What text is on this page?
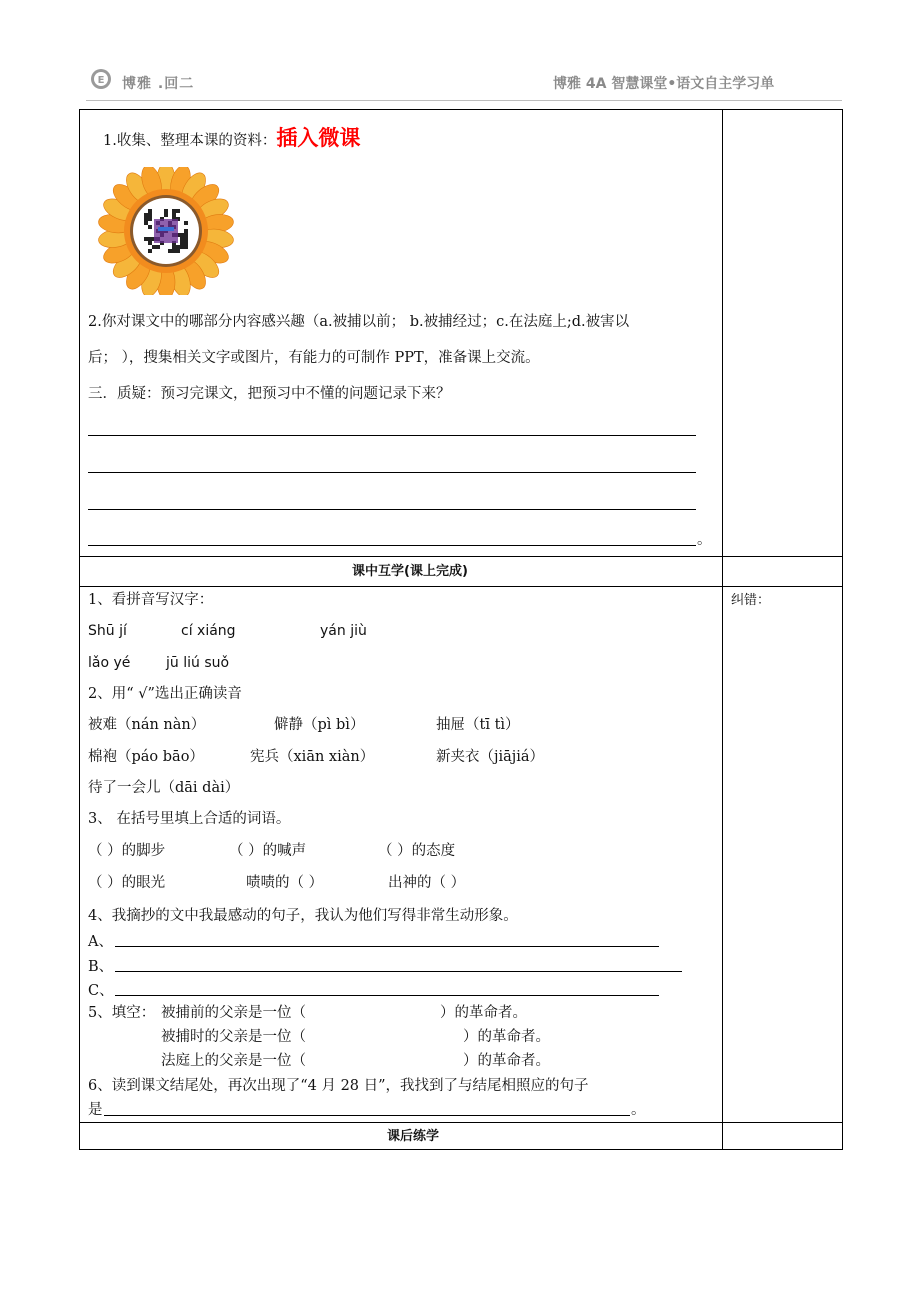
E 博雅 .回二	博雅 4A 智慧课堂•语文自主学习单
1.收集、整理本课的资料：插入微课
2.你对课文中的哪部分内容感兴趣（a.被捕以前； b.被捕经过；c.在法庭上;d.被害以
后； ），搜集相关文字或图片，有能力的可制作 PPT，准备课上交流。
三．质疑：预习完课文，把预习中不懂的问题记录下来？
。
课中互学(课上完成)
纠错：
1、看拼音写汉字：
Shū jí	cí xiáng	yán jiù
lǎo yé	jū liú suǒ
2、用“ √”选出正确读音
被难（nán nàn）	僻静（pì bì）	抽屉（tī tì）
棉袍（páo bāo）	宪兵（xiān xiàn）	新夹衣（jiājiá）
待了一会儿（dāi dài）
3、 在括号里填上合适的词语。
（ ）的脚步	（ ）的喊声	（ ）的态度
（ ）的眼光	啧啧的（ ）	出神的（ ）
4、我摘抄的文中我最感动的句子，我认为他们写得非常生动形象。
A、
B、
C、
5、填空： 被捕前的父亲是一位（	）的革命者。
被捕时的父亲是一位（	）的革命者。
法庭上的父亲是一位（	）的革命者。
6、读到课文结尾处，再次出现了“4 月 28 日”，我找到了与结尾相照应的句子
是	。
课后练学
